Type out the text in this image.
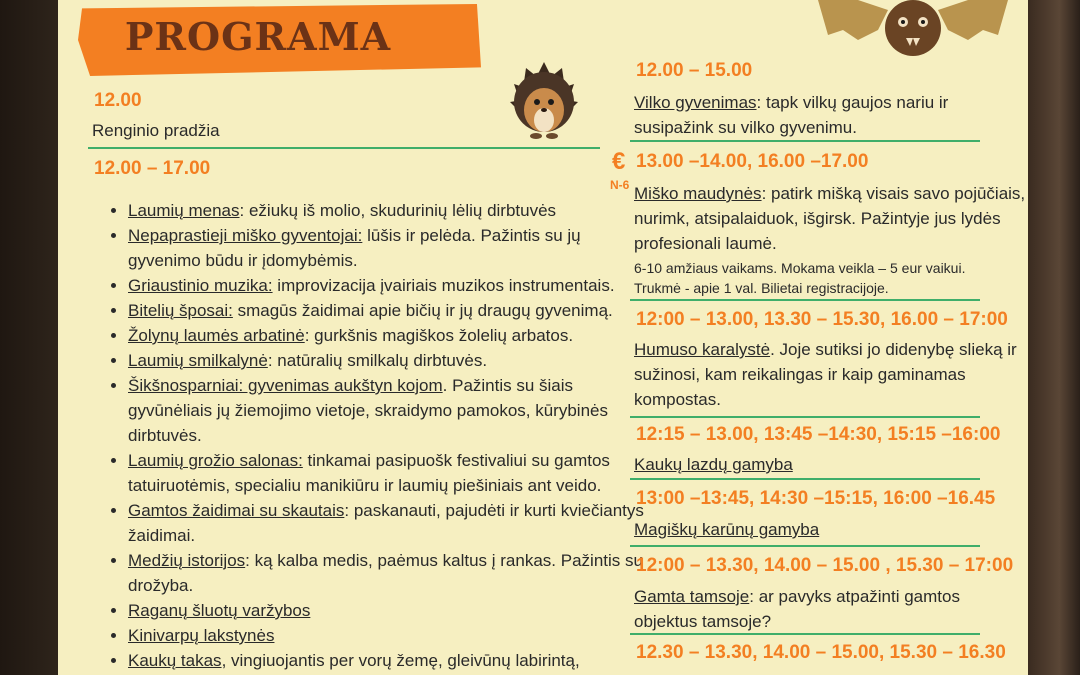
PROGRAMA
12.00
Renginio pradžia
12.00 – 17.00
• Laumių menas: ežiukų iš molio, skudurinių lėlių dirbtuvės
• Nepaprastieji miško gyventojai: lūšis ir pelėda. Pažintis su jų gyvenimo būdu ir įdomybėmis.
• Griaustinio muzika: improvizacija įvairiais muzikos instrumentais.
• Bitelių šposai: smagūs žaidimai apie bičių ir jų draugų gyvenimą.
• Žolynų laumės arbatinė: gurkšnis magiškos žolelių arbatos.
• Laumių smilkalynė: natūralių smilkalų dirbtuvės.
• Šikšnosparniai: gyvenimas aukštyn kojom. Pažintis su šiais gyvūnėliais jų žiemojimo vietoje, skraidymo pamokos, kūrybinės dirbtuvės.
• Laumių grožio salonas: tinkamai pasipuošk festivaliui su gamtos tatuiruotėmis, specialiu manikiūru ir laumių piešiniais ant veido.
• Gamtos žaidimai su skautais: paskanauti, pajudėti ir kurti kviečiantys žaidimai.
• Medžių istorijos: ką kalba medis, paėmus kaltus į rankas. Pažintis su drožyba.
• Raganų šluotų varžybos
• Kinivarpų lakstynės
• Kaukų takas, vingiuojantis per vorų žemę, gleivūnų labirintą,
12.00 – 15.00
Vilko gyvenimas: tapk vilkų gaujos nariu ir
susipažink su vilko gyvenimu.
€
N-6
13.00 –14.00, 16.00 –17.00
Miško maudynės: patirk mišką visais savo pojūčiais,
nurimk, atsipalaiduok, išgirsk. Pažintyje jus lydės
profesionali laumė.
6-10 amžiaus vaikams. Mokama veikla – 5 eur vaikui.
Trukmė - apie 1 val. Bilietai registracijoje.
12:00 – 13.00, 13.30 – 15.30, 16.00 – 17:00
Humuso karalystė. Joje sutiksi jo didenybę slieką ir
sužinosi, kam reikalingas ir kaip gaminamas
kompostas.
12:15 – 13.00, 13:45 –14:30, 15:15 –16:00
Kaukų lazdų gamyba
13:00 –13:45, 14:30 –15:15, 16:00 –16.45
Magiškų karūnų gamyba
12:00 – 13.30, 14.00 – 15.00 , 15.30 – 17:00
Gamta tamsoje: ar pavyks atpažinti gamtos
objektus tamsoje?
12.30 – 13.30, 14.00 – 15.00, 15.30 – 16.30
